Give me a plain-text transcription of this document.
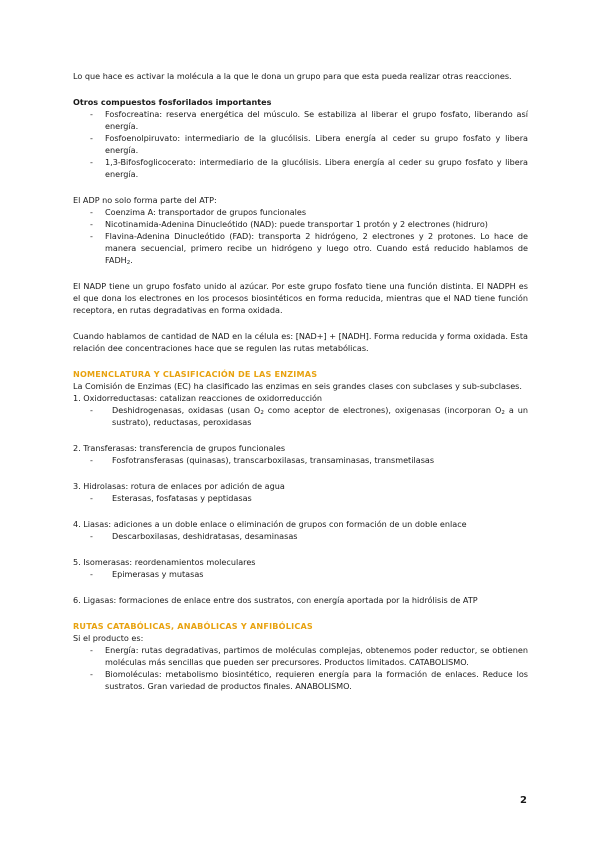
Lo que hace es activar la molécula a la que le dona un grupo para que esta pueda realizar otras reacciones.

Otros compuestos fosforilados importantes

- Fosfocreatina: reserva energética del músculo. Se estabiliza al liberar el grupo fosfato, liberando así energía.
- Fosfoenolpiruvato: intermediario de la glucólisis. Libera energía al ceder su grupo fosfato y libera energía.
- 1,3-Bifosfoglicocerato: intermediario de la glucólisis. Libera energía al ceder su grupo fosfato y libera energía.

El ADP no solo forma parte del ATP:

- Coenzima A: transportador de grupos funcionales
- Nicotinamida-Adenina Dinucleótido (NAD): puede transportar 1 protón y 2 electrones (hidruro)
- Flavina-Adenina Dinucleótido (FAD): transporta 2 hidrógeno, 2 electrones y 2 protones. Lo hace de manera secuencial, primero recibe un hidrógeno y luego otro. Cuando está reducido hablamos de $FADH_2$.

El NADP tiene un grupo fosfato unido al azúcar. Por este grupo fosfato tiene una función distinta. El NADPH es el que dona los electrones en los procesos biosintéticos en forma reducida, mientras que el NAD tiene función receptora, en rutas degradativas en forma oxidada.

Cuando hablamos de cantidad de NAD en la célula es: [NAD+] + [NADH]. Forma reducida y forma oxidada. Esta relación dee concentraciones hace que se regulen las rutas metabólicas.

NOMENCLATURA Y CLASIFICACIÓN DE LAS ENZIMAS

La Comisión de Enzimas (EC) ha clasificado las enzimas en seis grandes clases con subclases y sub-subclases.

1. Oxidorreductasas: catalizan reacciones de oxidorreducción

- Deshidrogenasas, oxidasas (usan $O_2$ como aceptor de electrones), oxigenasas (incorporan $O_2$ a un sustrato), reductasas, peroxidasas

2. Transferasas: transferencia de grupos funcionales

- Fosfotransferasas (quinasas), transcarboxilasas, transaminasas, transmetilasas

3. Hidrolasas: rotura de enlaces por adición de agua

- Esterasas, fosfatasas y peptidasas

4. Liasas: adiciones a un doble enlace o eliminación de grupos con formación de un doble enlace

- Descarboxilasas, deshidratasas, desaminasas

5. Isomerasas: reordenamientos moleculares

- Epimerasas y mutasas

6. Ligasas: formaciones de enlace entre dos sustratos, con energía aportada por la hidrólisis de ATP

RUTAS CATABÓLICAS, ANABÓLICAS Y ANFIBÓLICAS

Si el producto es:

- Energía: rutas degradativas, partimos de moléculas complejas, obtenemos poder reductor, se obtienen moléculas más sencillas que pueden ser precursores. Productos limitados. CATABOLISMO.
- Biomoléculas: metabolismo biosintético, requieren energía para la formación de enlaces. Reduce los sustratos. Gran variedad de productos finales. ANABOLISMO.
2
